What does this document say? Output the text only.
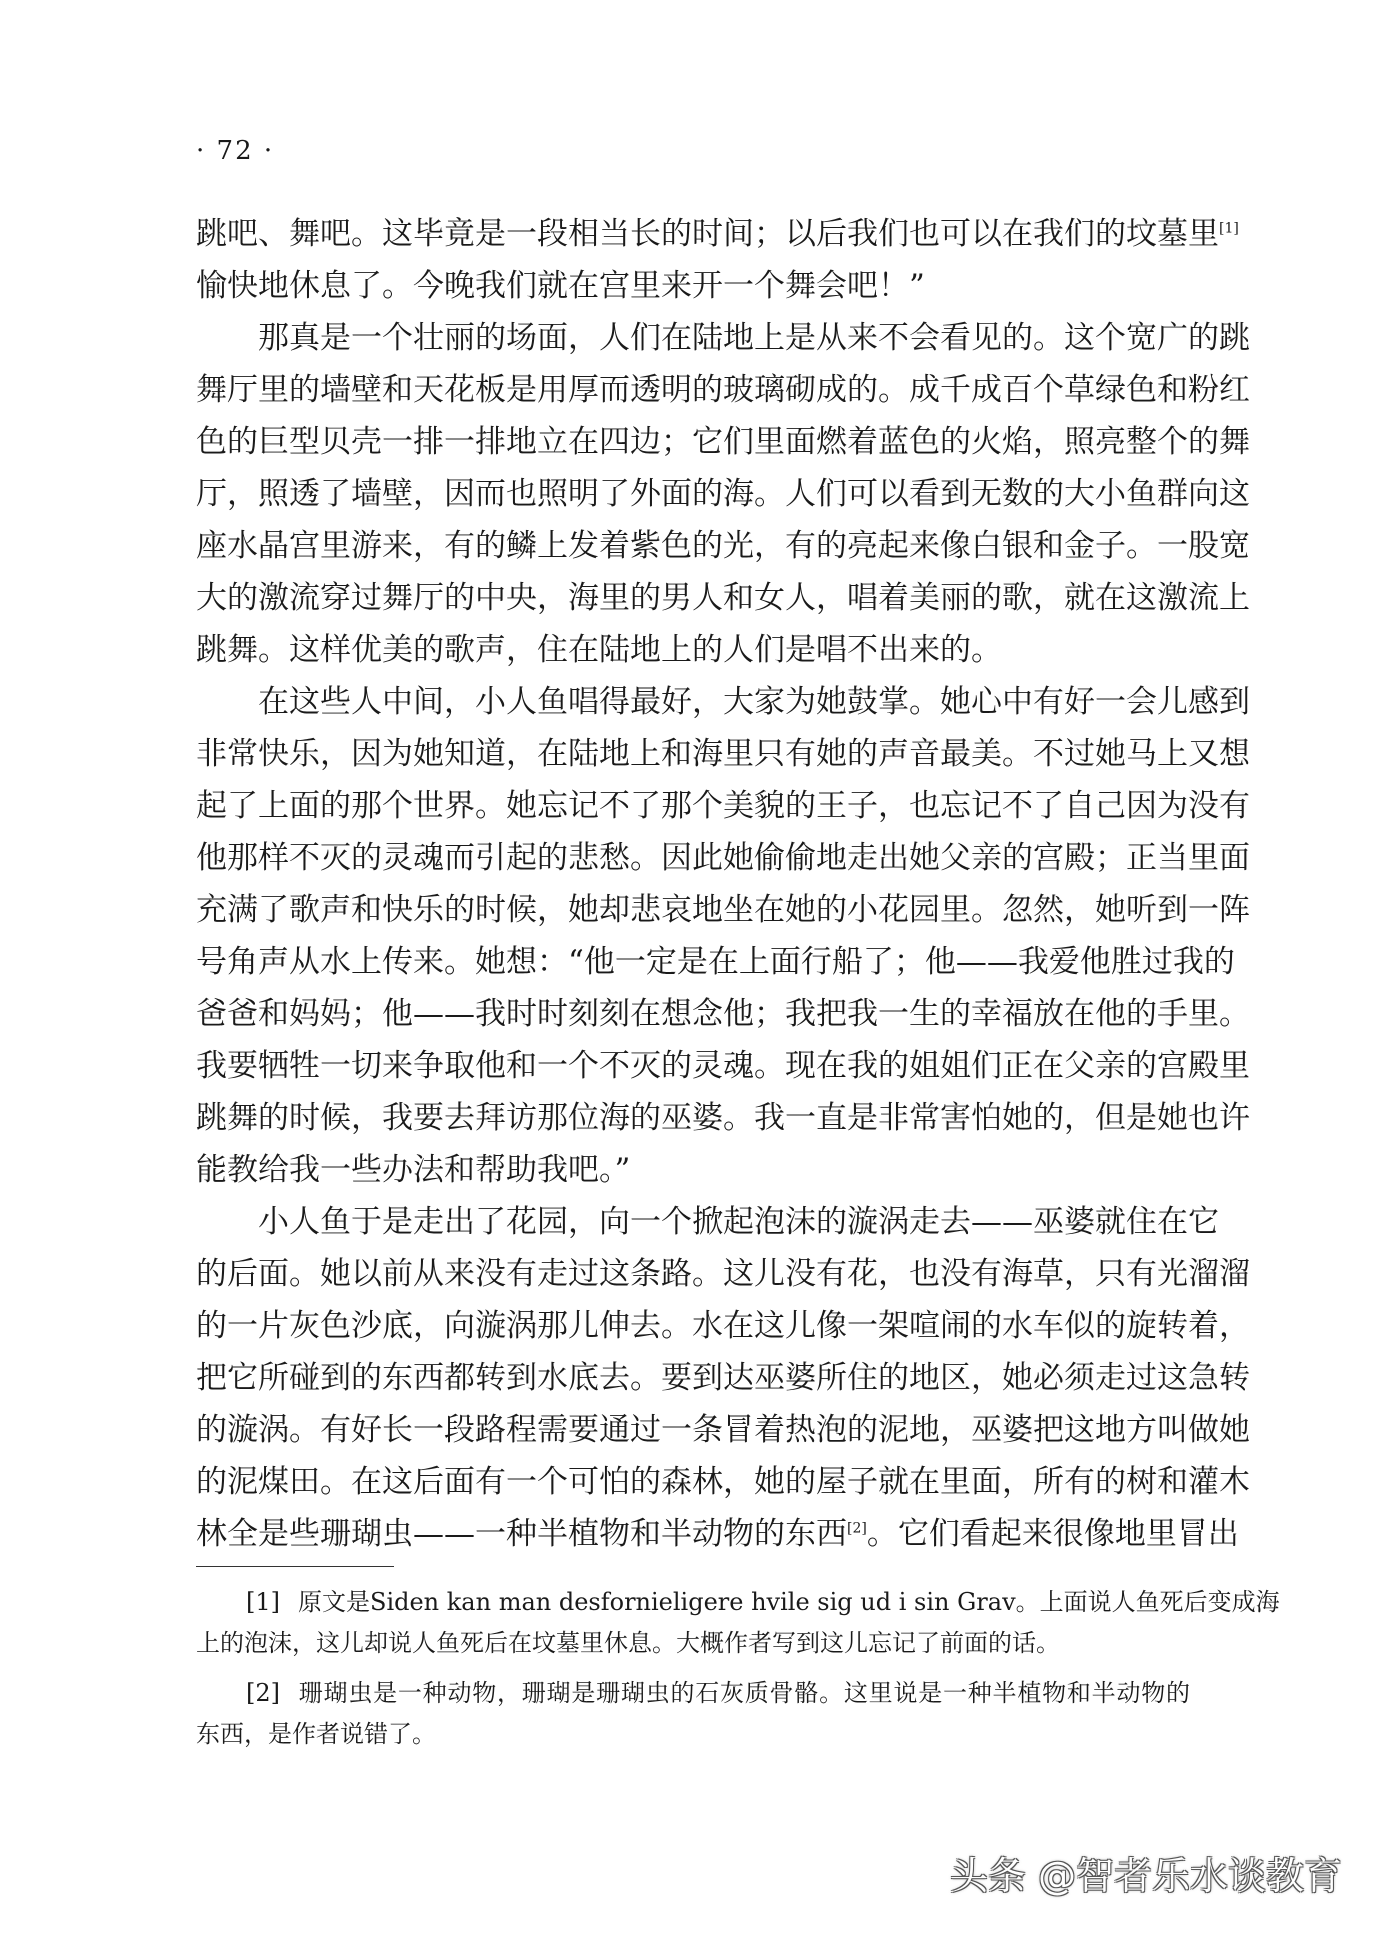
· 72 ·
跳吧、舞吧。这毕竟是一段相当长的时间；以后我们也可以在我们的坟墓里[1]
愉快地休息了。今晚我们就在宫里来开一个舞会吧！”
那真是一个壮丽的场面，人们在陆地上是从来不会看见的。这个宽广的跳
舞厅里的墙壁和天花板是用厚而透明的玻璃砌成的。成千成百个草绿色和粉红
色的巨型贝壳一排一排地立在四边；它们里面燃着蓝色的火焰，照亮整个的舞
厅，照透了墙壁，因而也照明了外面的海。人们可以看到无数的大小鱼群向这
座水晶宫里游来，有的鳞上发着紫色的光，有的亮起来像白银和金子。一股宽
大的激流穿过舞厅的中央，海里的男人和女人，唱着美丽的歌，就在这激流上
跳舞。这样优美的歌声，住在陆地上的人们是唱不出来的。
在这些人中间，小人鱼唱得最好，大家为她鼓掌。她心中有好一会儿感到
非常快乐，因为她知道，在陆地上和海里只有她的声音最美。不过她马上又想
起了上面的那个世界。她忘记不了那个美貌的王子，也忘记不了自己因为没有
他那样不灭的灵魂而引起的悲愁。因此她偷偷地走出她父亲的宫殿；正当里面
充满了歌声和快乐的时候，她却悲哀地坐在她的小花园里。忽然，她听到一阵
号角声从水上传来。她想：“他一定是在上面行船了；他——我爱他胜过我的
爸爸和妈妈；他——我时时刻刻在想念他；我把我一生的幸福放在他的手里。
我要牺牲一切来争取他和一个不灭的灵魂。现在我的姐姐们正在父亲的宫殿里
跳舞的时候，我要去拜访那位海的巫婆。我一直是非常害怕她的，但是她也许
能教给我一些办法和帮助我吧。”
小人鱼于是走出了花园，向一个掀起泡沫的漩涡走去——巫婆就住在它
的后面。她以前从来没有走过这条路。这儿没有花，也没有海草，只有光溜溜
的一片灰色沙底，向漩涡那儿伸去。水在这儿像一架喧闹的水车似的旋转着，
把它所碰到的东西都转到水底去。要到达巫婆所住的地区，她必须走过这急转
的漩涡。有好长一段路程需要通过一条冒着热泡的泥地，巫婆把这地方叫做她
的泥煤田。在这后面有一个可怕的森林，她的屋子就在里面，所有的树和灌木
林全是些珊瑚虫——一种半植物和半动物的东西[2]。它们看起来很像地里冒出
[1] 原文是Siden kan man desfornieligere hvile sig ud i sin Grav。上面说人鱼死后变成海
上的泡沫，这儿却说人鱼死后在坟墓里休息。大概作者写到这儿忘记了前面的话。
[2] 珊瑚虫是一种动物，珊瑚是珊瑚虫的石灰质骨骼。这里说是一种半植物和半动物的
东西，是作者说错了。
头条 @智者乐水谈教育
